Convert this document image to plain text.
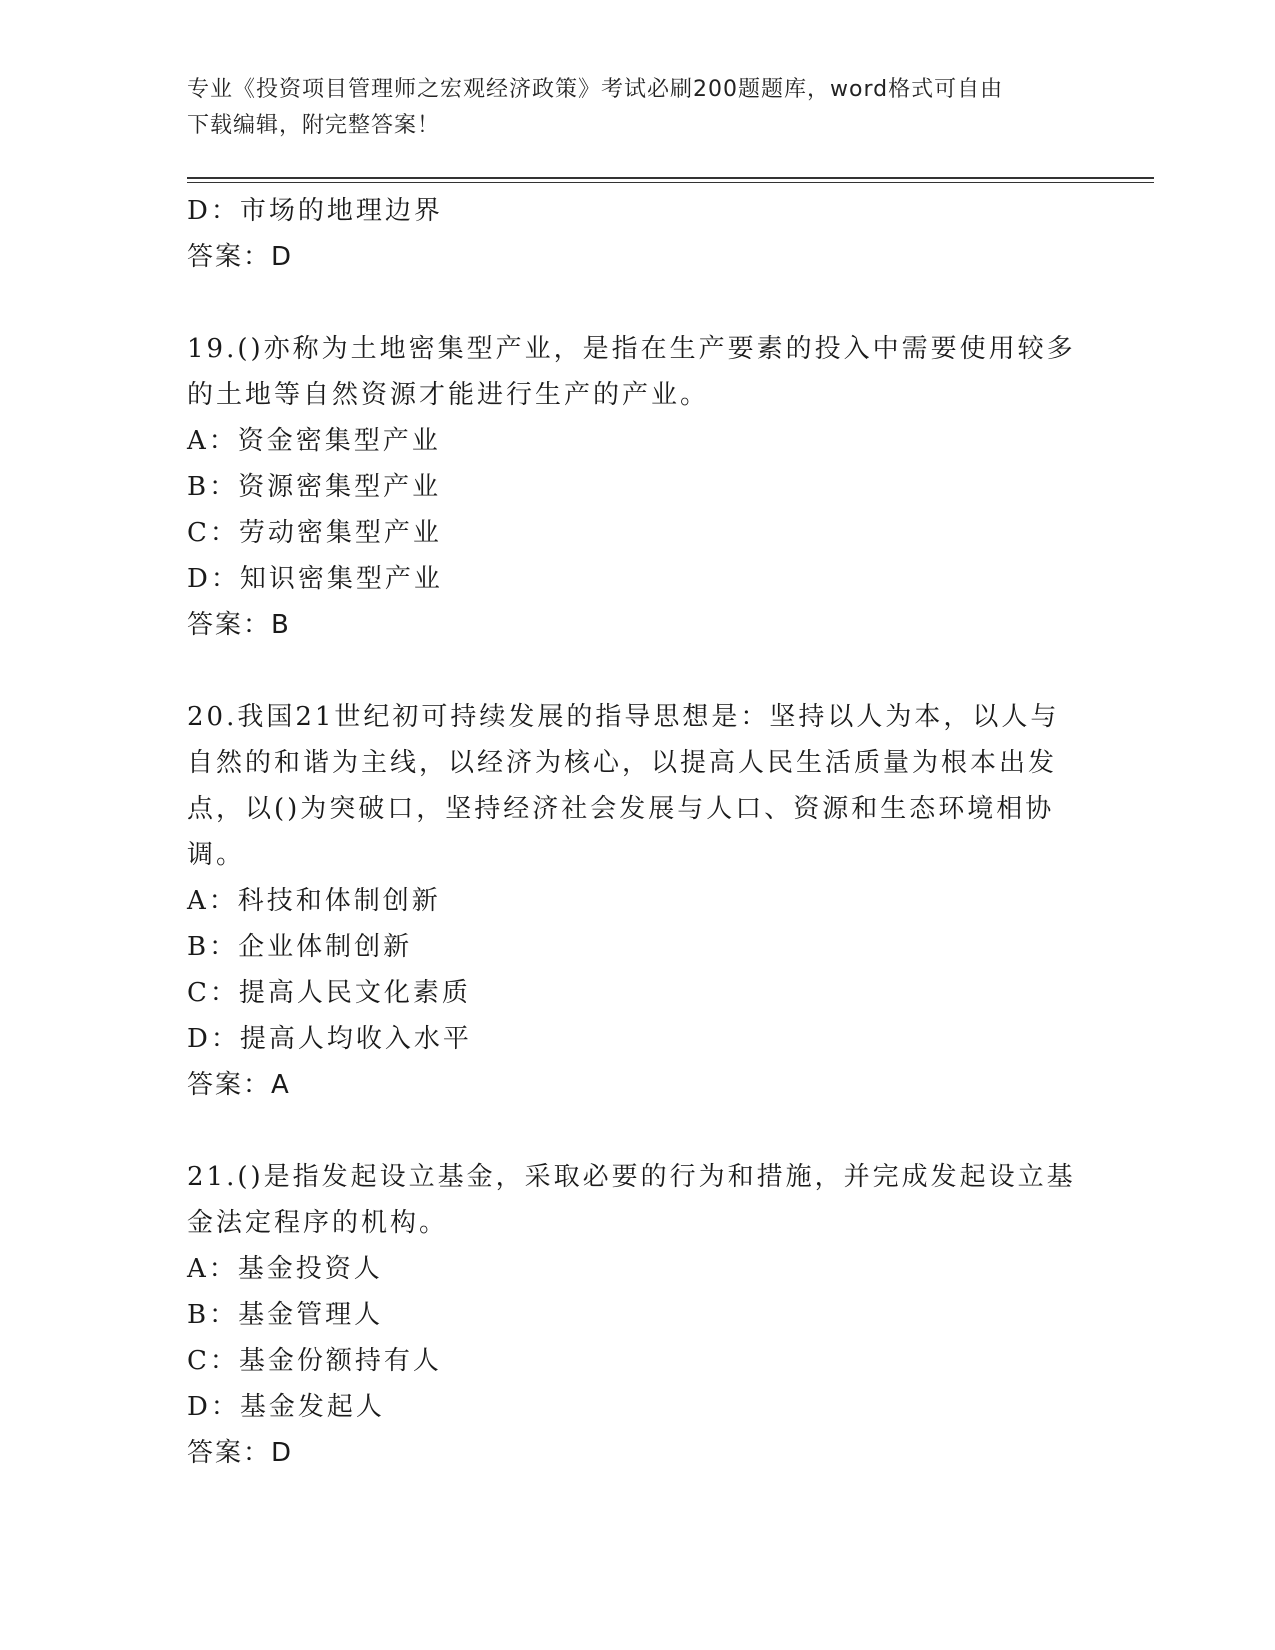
专业《投资项目管理师之宏观经济政策》考试必刷200题题库，word格式可自由
下载编辑，附完整答案！
D：市场的地理边界
答案：D
19.()亦称为土地密集型产业，是指在生产要素的投入中需要使用较多
的土地等自然资源才能进行生产的产业。
A：资金密集型产业
B：资源密集型产业
C：劳动密集型产业
D：知识密集型产业
答案：B
20.我国21世纪初可持续发展的指导思想是：坚持以人为本，以人与
自然的和谐为主线，以经济为核心，以提高人民生活质量为根本出发
点，以()为突破口，坚持经济社会发展与人口、资源和生态环境相协
调。
A：科技和体制创新
B：企业体制创新
C：提高人民文化素质
D：提高人均收入水平
答案：A
21.()是指发起设立基金，采取必要的行为和措施，并完成发起设立基
金法定程序的机构。
A：基金投资人
B：基金管理人
C：基金份额持有人
D：基金发起人
答案：D
